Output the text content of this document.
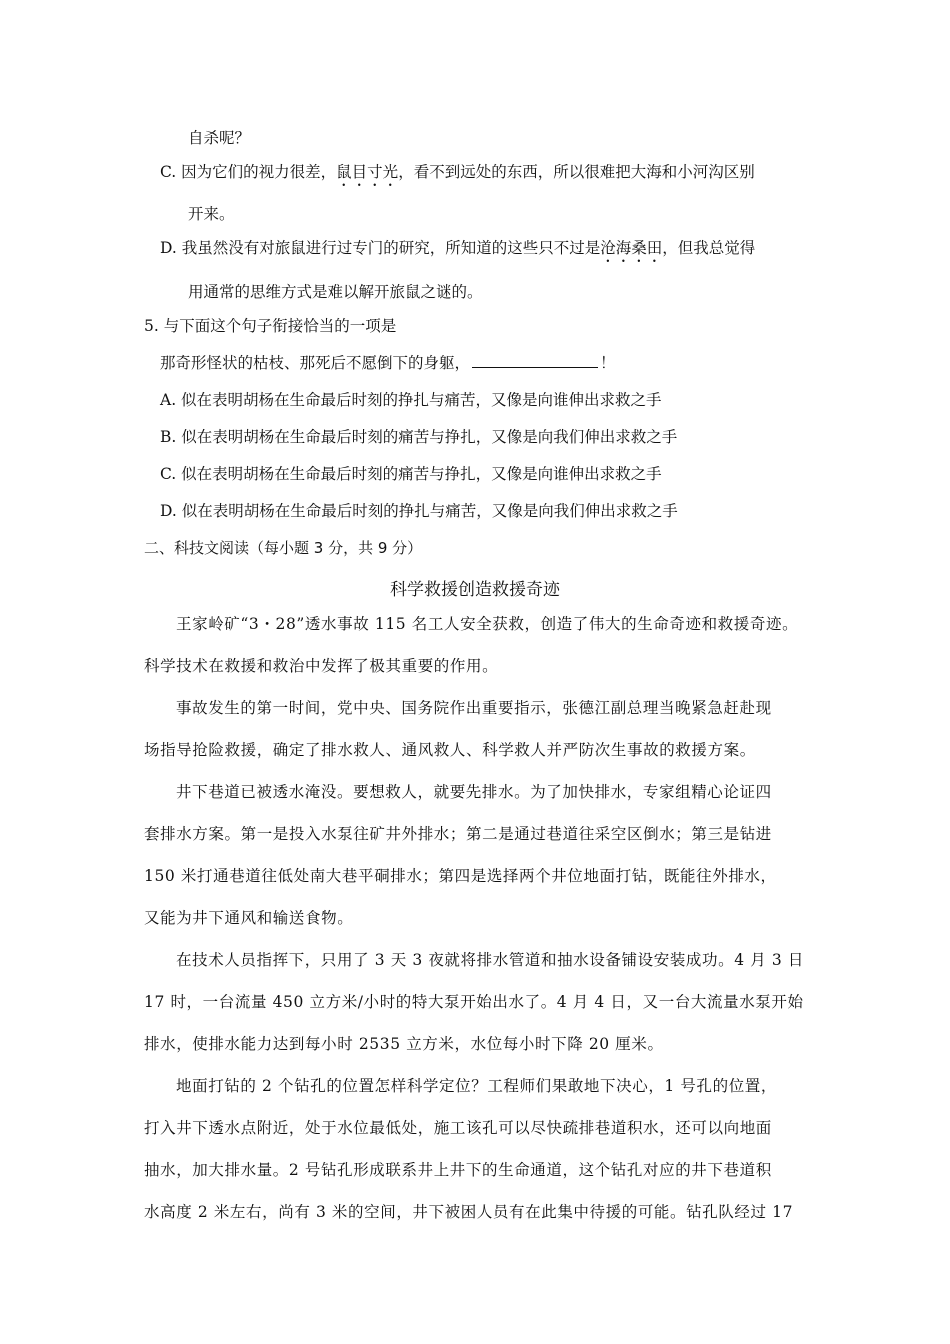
自杀呢？
C. 因为它们的视力很差，鼠目寸光，看不到远处的东西，所以很难把大海和小河沟区别
开来。
D. 我虽然没有对旅鼠进行过专门的研究，所知道的这些只不过是沧海桑田，但我总觉得
用通常的思维方式是难以解开旅鼠之谜的。
5. 与下面这个句子衔接恰当的一项是
那奇形怪状的枯枝、那死后不愿倒下的身躯，	！
A. 似在表明胡杨在生命最后时刻的挣扎与痛苦，又像是向谁伸出求救之手
B. 似在表明胡杨在生命最后时刻的痛苦与挣扎，又像是向我们伸出求救之手
C. 似在表明胡杨在生命最后时刻的痛苦与挣扎，又像是向谁伸出求救之手
D. 似在表明胡杨在生命最后时刻的挣扎与痛苦，又像是向我们伸出求救之手
二、科技文阅读（每小题 3 分，共 9 分）
科学救援创造救援奇迹
王家岭矿“3・28”透水事故 115 名工人安全获救，创造了伟大的生命奇迹和救援奇迹。
科学技术在救援和救治中发挥了极其重要的作用。
事故发生的第一时间，党中央、国务院作出重要指示，张德江副总理当晚紧急赶赴现
场指导抢险救援，确定了排水救人、通风救人、科学救人并严防次生事故的救援方案。
井下巷道已被透水淹没。要想救人，就要先排水。为了加快排水，专家组精心论证四
套排水方案。第一是投入水泵往矿井外排水；第二是通过巷道往采空区倒水；第三是钻进
150 米打通巷道往低处南大巷平硐排水；第四是选择两个井位地面打钻，既能往外排水，
又能为井下通风和输送食物。
在技术人员指挥下，只用了 3 天 3 夜就将排水管道和抽水设备铺设安装成功。4 月 3 日
17 时，一台流量 450 立方米/小时的特大泵开始出水了。4 月 4 日，又一台大流量水泵开始
排水，使排水能力达到每小时 2535 立方米，水位每小时下降 20 厘米。
地面打钻的 2 个钻孔的位置怎样科学定位？工程师们果敢地下决心，1 号孔的位置，
打入井下透水点附近，处于水位最低处，施工该孔可以尽快疏排巷道积水，还可以向地面
抽水，加大排水量。2 号钻孔形成联系井上井下的生命通道，这个钻孔对应的井下巷道积
水高度 2 米左右，尚有 3 米的空间，井下被困人员有在此集中待援的可能。钻孔队经过 17
